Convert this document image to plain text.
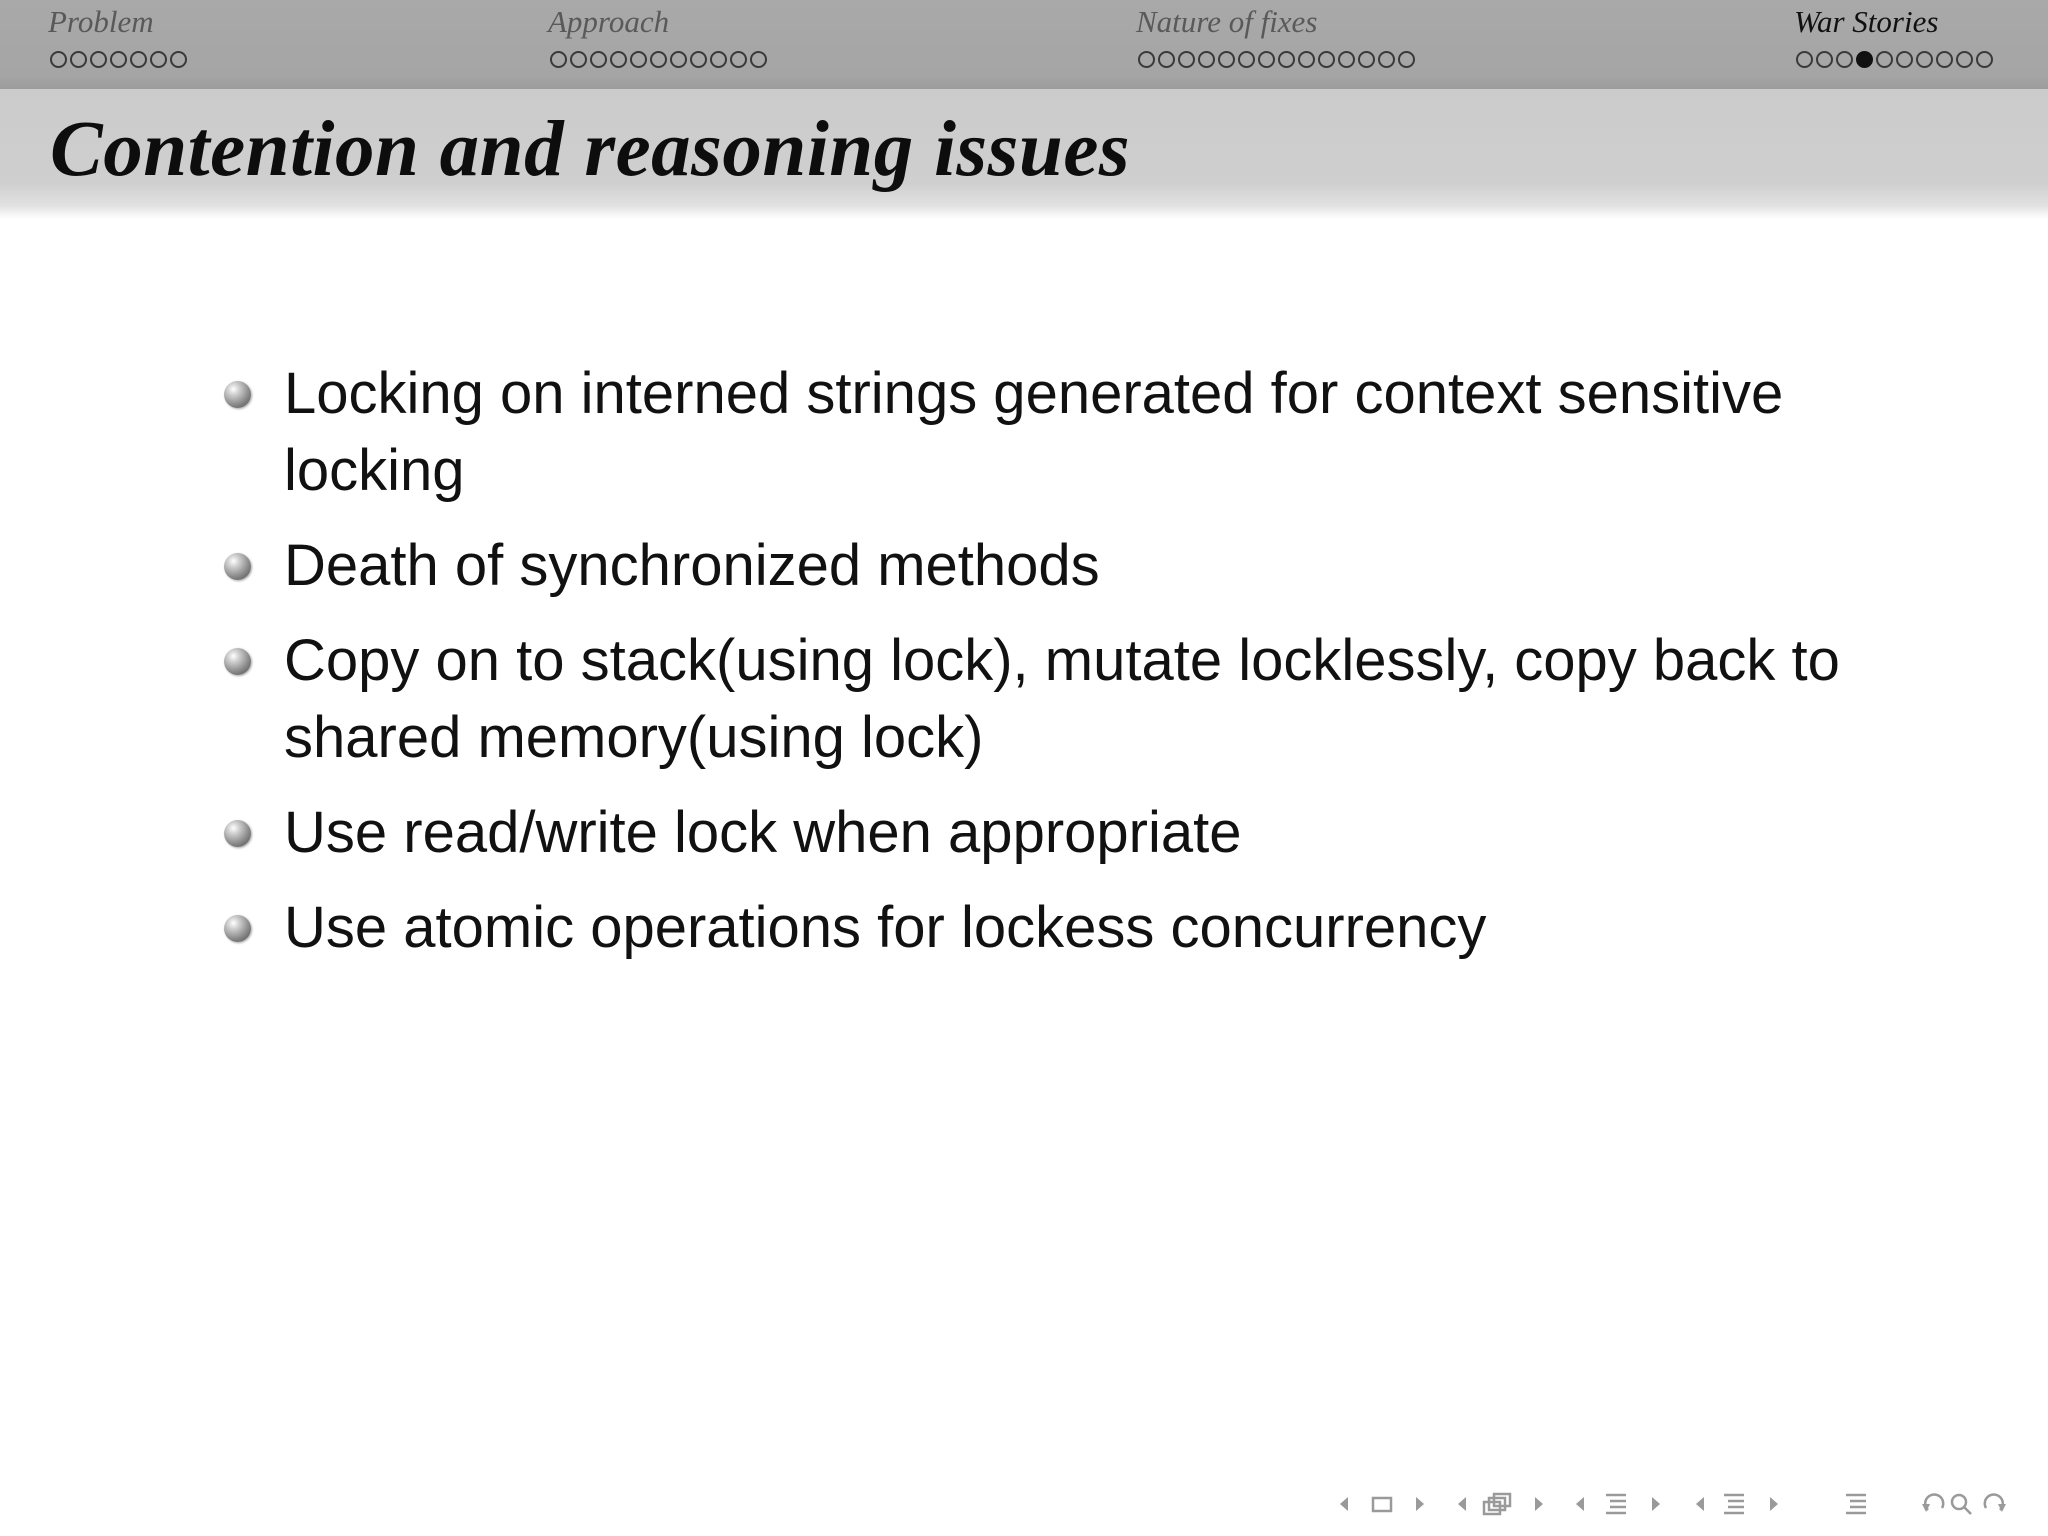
Problem	Approach	Nature of fixes	War Stories
Contention and reasoning issues
Locking on interned strings generated for context sensitive locking
Death of synchronized methods
Copy on to stack(using lock), mutate locklessly, copy back to shared memory(using lock)
Use read/write lock when appropriate
Use atomic operations for lockess concurrency
